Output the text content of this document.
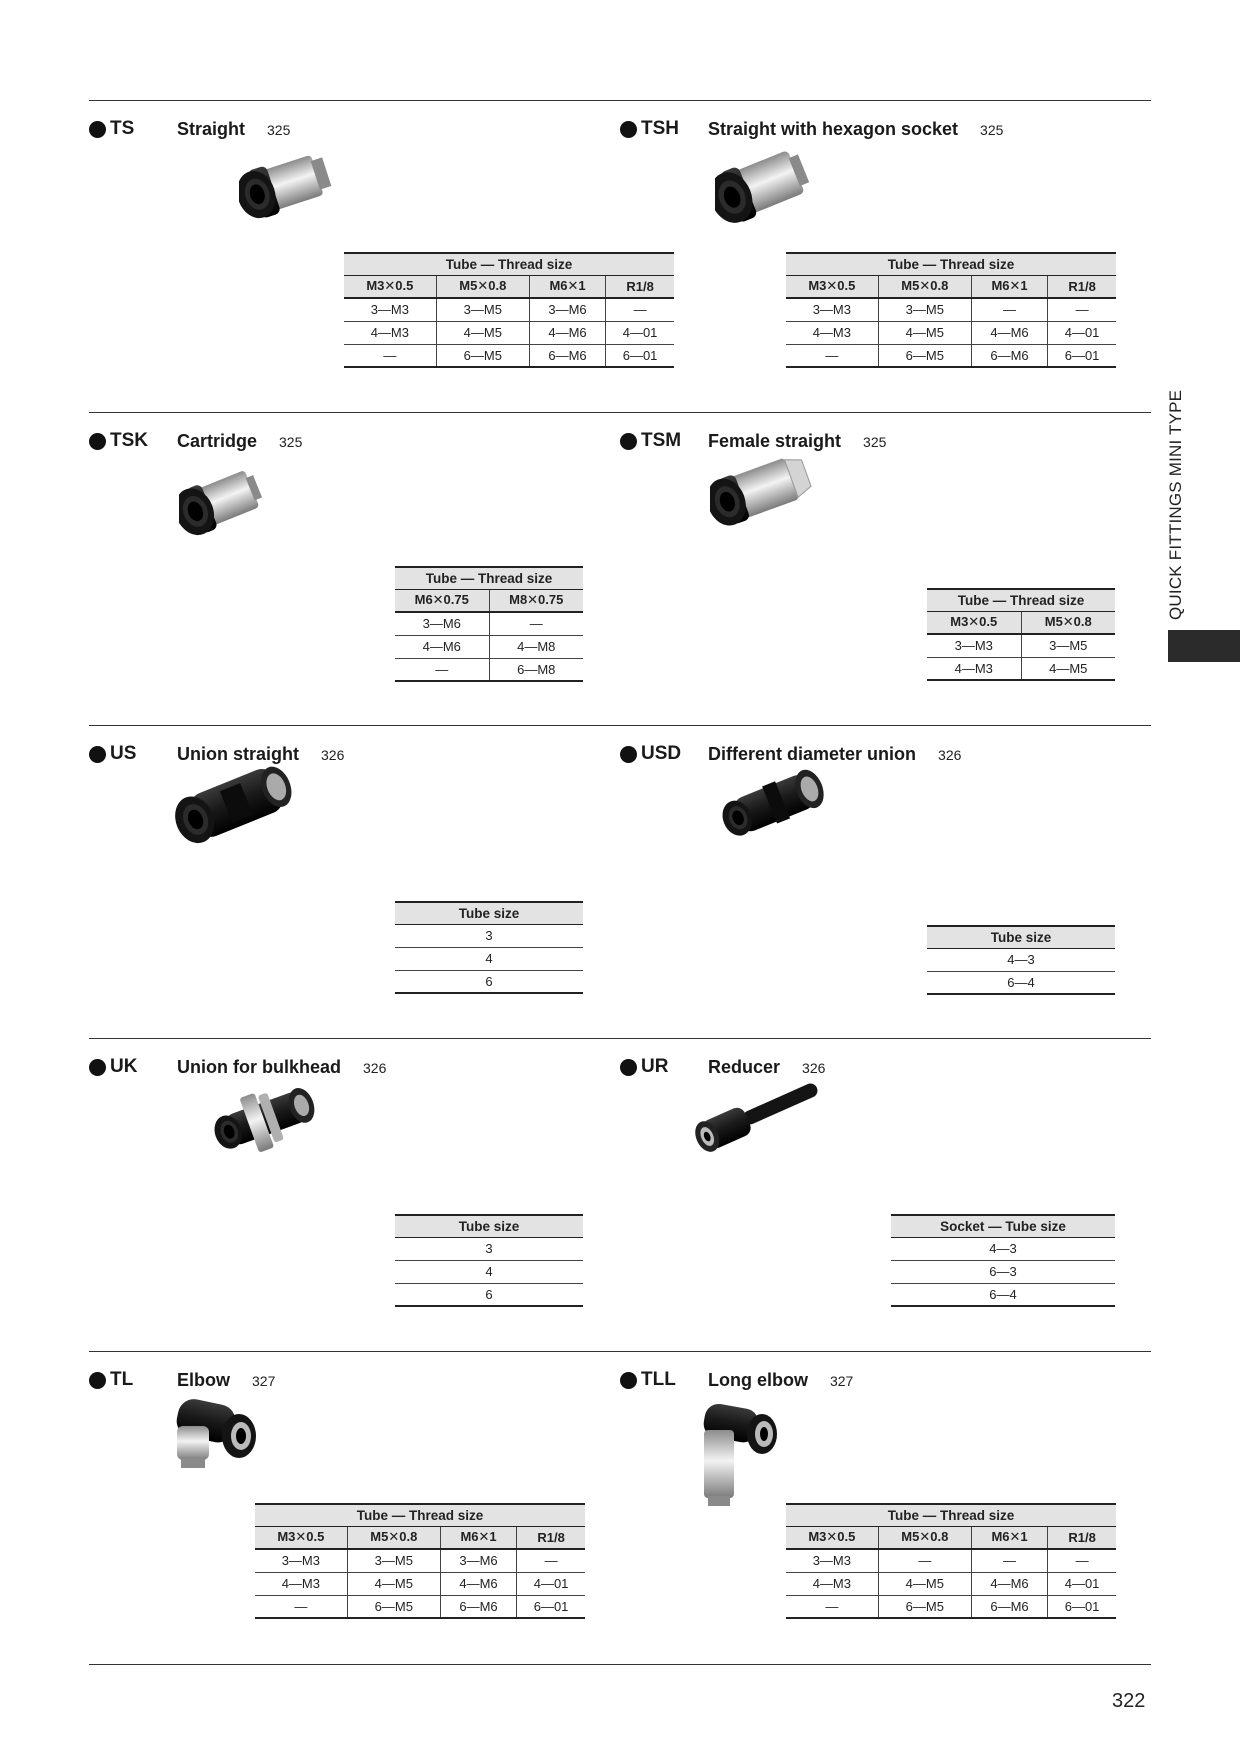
TS Straight 325
Tube — Thread size			
M3✕0.5	M5✕0.8	M6✕1	R1/8
3—M3	3—M5	3—M6	—
4—M3	4—M5	4—M6	4—01
—	6—M5	6—M6	6—01
TSH Straight with hexagon socket 325
Tube — Thread size			
M3✕0.5	M5✕0.8	M6✕1	R1/8
3—M3	3—M5	—	—
4—M3	4—M5	4—M6	4—01
—	6—M5	6—M6	6—01
TSK Cartridge 325
Tube — Thread size	
M6✕0.75	M8✕0.75
3—M6	—
4—M6	4—M8
—	6—M8
TSM Female straight 325
Tube — Thread size	
M3✕0.5	M5✕0.8
3—M3	3—M5
4—M3	4—M5
US Union straight 326
Tube size
3
4
6
USD Different diameter union 326
Tube size
4—3
6—4
UK Union for bulkhead 326
Tube size
3
4
6
UR Reducer 326
Socket — Tube size
4—3
6—3
6—4
TL Elbow 327
Tube — Thread size			
M3✕0.5	M5✕0.8	M6✕1	R1/8
3—M3	3—M5	3—M6	—
4—M3	4—M5	4—M6	4—01
—	6—M5	6—M6	6—01
TLL Long elbow 327
Tube — Thread size			
M3✕0.5	M5✕0.8	M6✕1	R1/8
3—M3	—	—	—
4—M3	4—M5	4—M6	4—01
—	6—M5	6—M6	6—01
QUICK FITTINGS MINI TYPE
322
